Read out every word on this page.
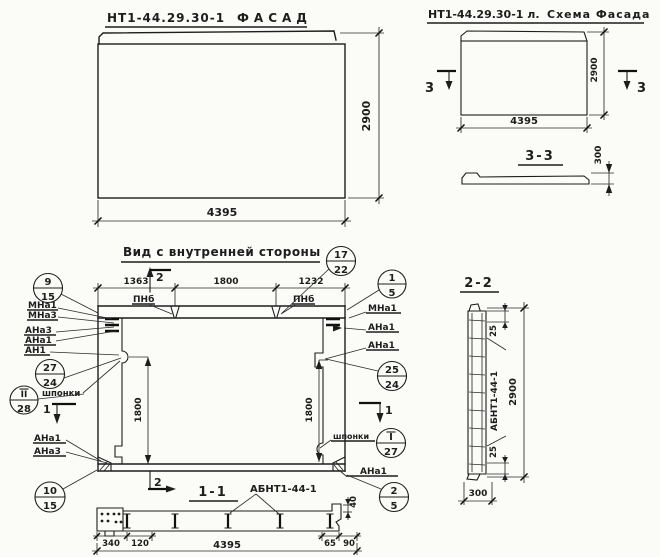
НТ1-44.29.30-1 ФАСАД
2900
4395
НТ1-44.29.30-1 л. Схема Фасада
3	3
2900
4395
3-3	300
Вид с внутренней стороны
1363	1800	1232
2
1800	1800
ПНб	ПНб
МНа1
МНа3
АНа3
АНа1
АН1
шпонки
1	1
2
АНа1
АНа3
МНа1
АНа1
АНа1
шпонки
АНа1
9
15
17
22
1
5
27
24
II
28
25
24
I
27
10
15
2
5
1-1 АБНТ1-44-1
340 120	65 90
4395
40
2-2
АБНТ1-44-1
25
25
2900
300
